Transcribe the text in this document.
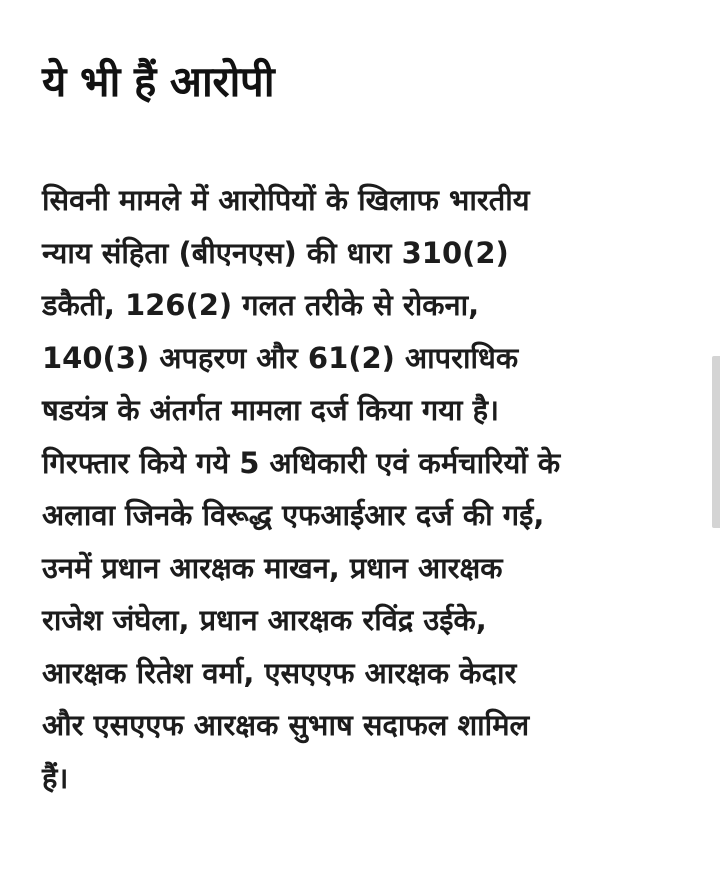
ये भी हैं आरोपी

सिवनी मामले में आरोपियों के खिलाफ भारतीय
न्याय संहिता (बीएनएस) की धारा 310(2)
डकैती, 126(2) गलत तरीके से रोकना,
140(3) अपहरण और 61(2) आपराधिक
षडयंत्र के अंतर्गत मामला दर्ज किया गया है।
गिरफ्तार किये गये 5 अधिकारी एवं कर्मचारियों के
अलावा जिनके विरूद्ध एफआईआर दर्ज की गई,
उनमें प्रधान आरक्षक माखन, प्रधान आरक्षक
राजेश जंघेला, प्रधान आरक्षक रविंद्र उईके,
आरक्षक रितेश वर्मा, एसएएफ आरक्षक केदार
और एसएएफ आरक्षक सुभाष सदाफल शामिल
हैं।
